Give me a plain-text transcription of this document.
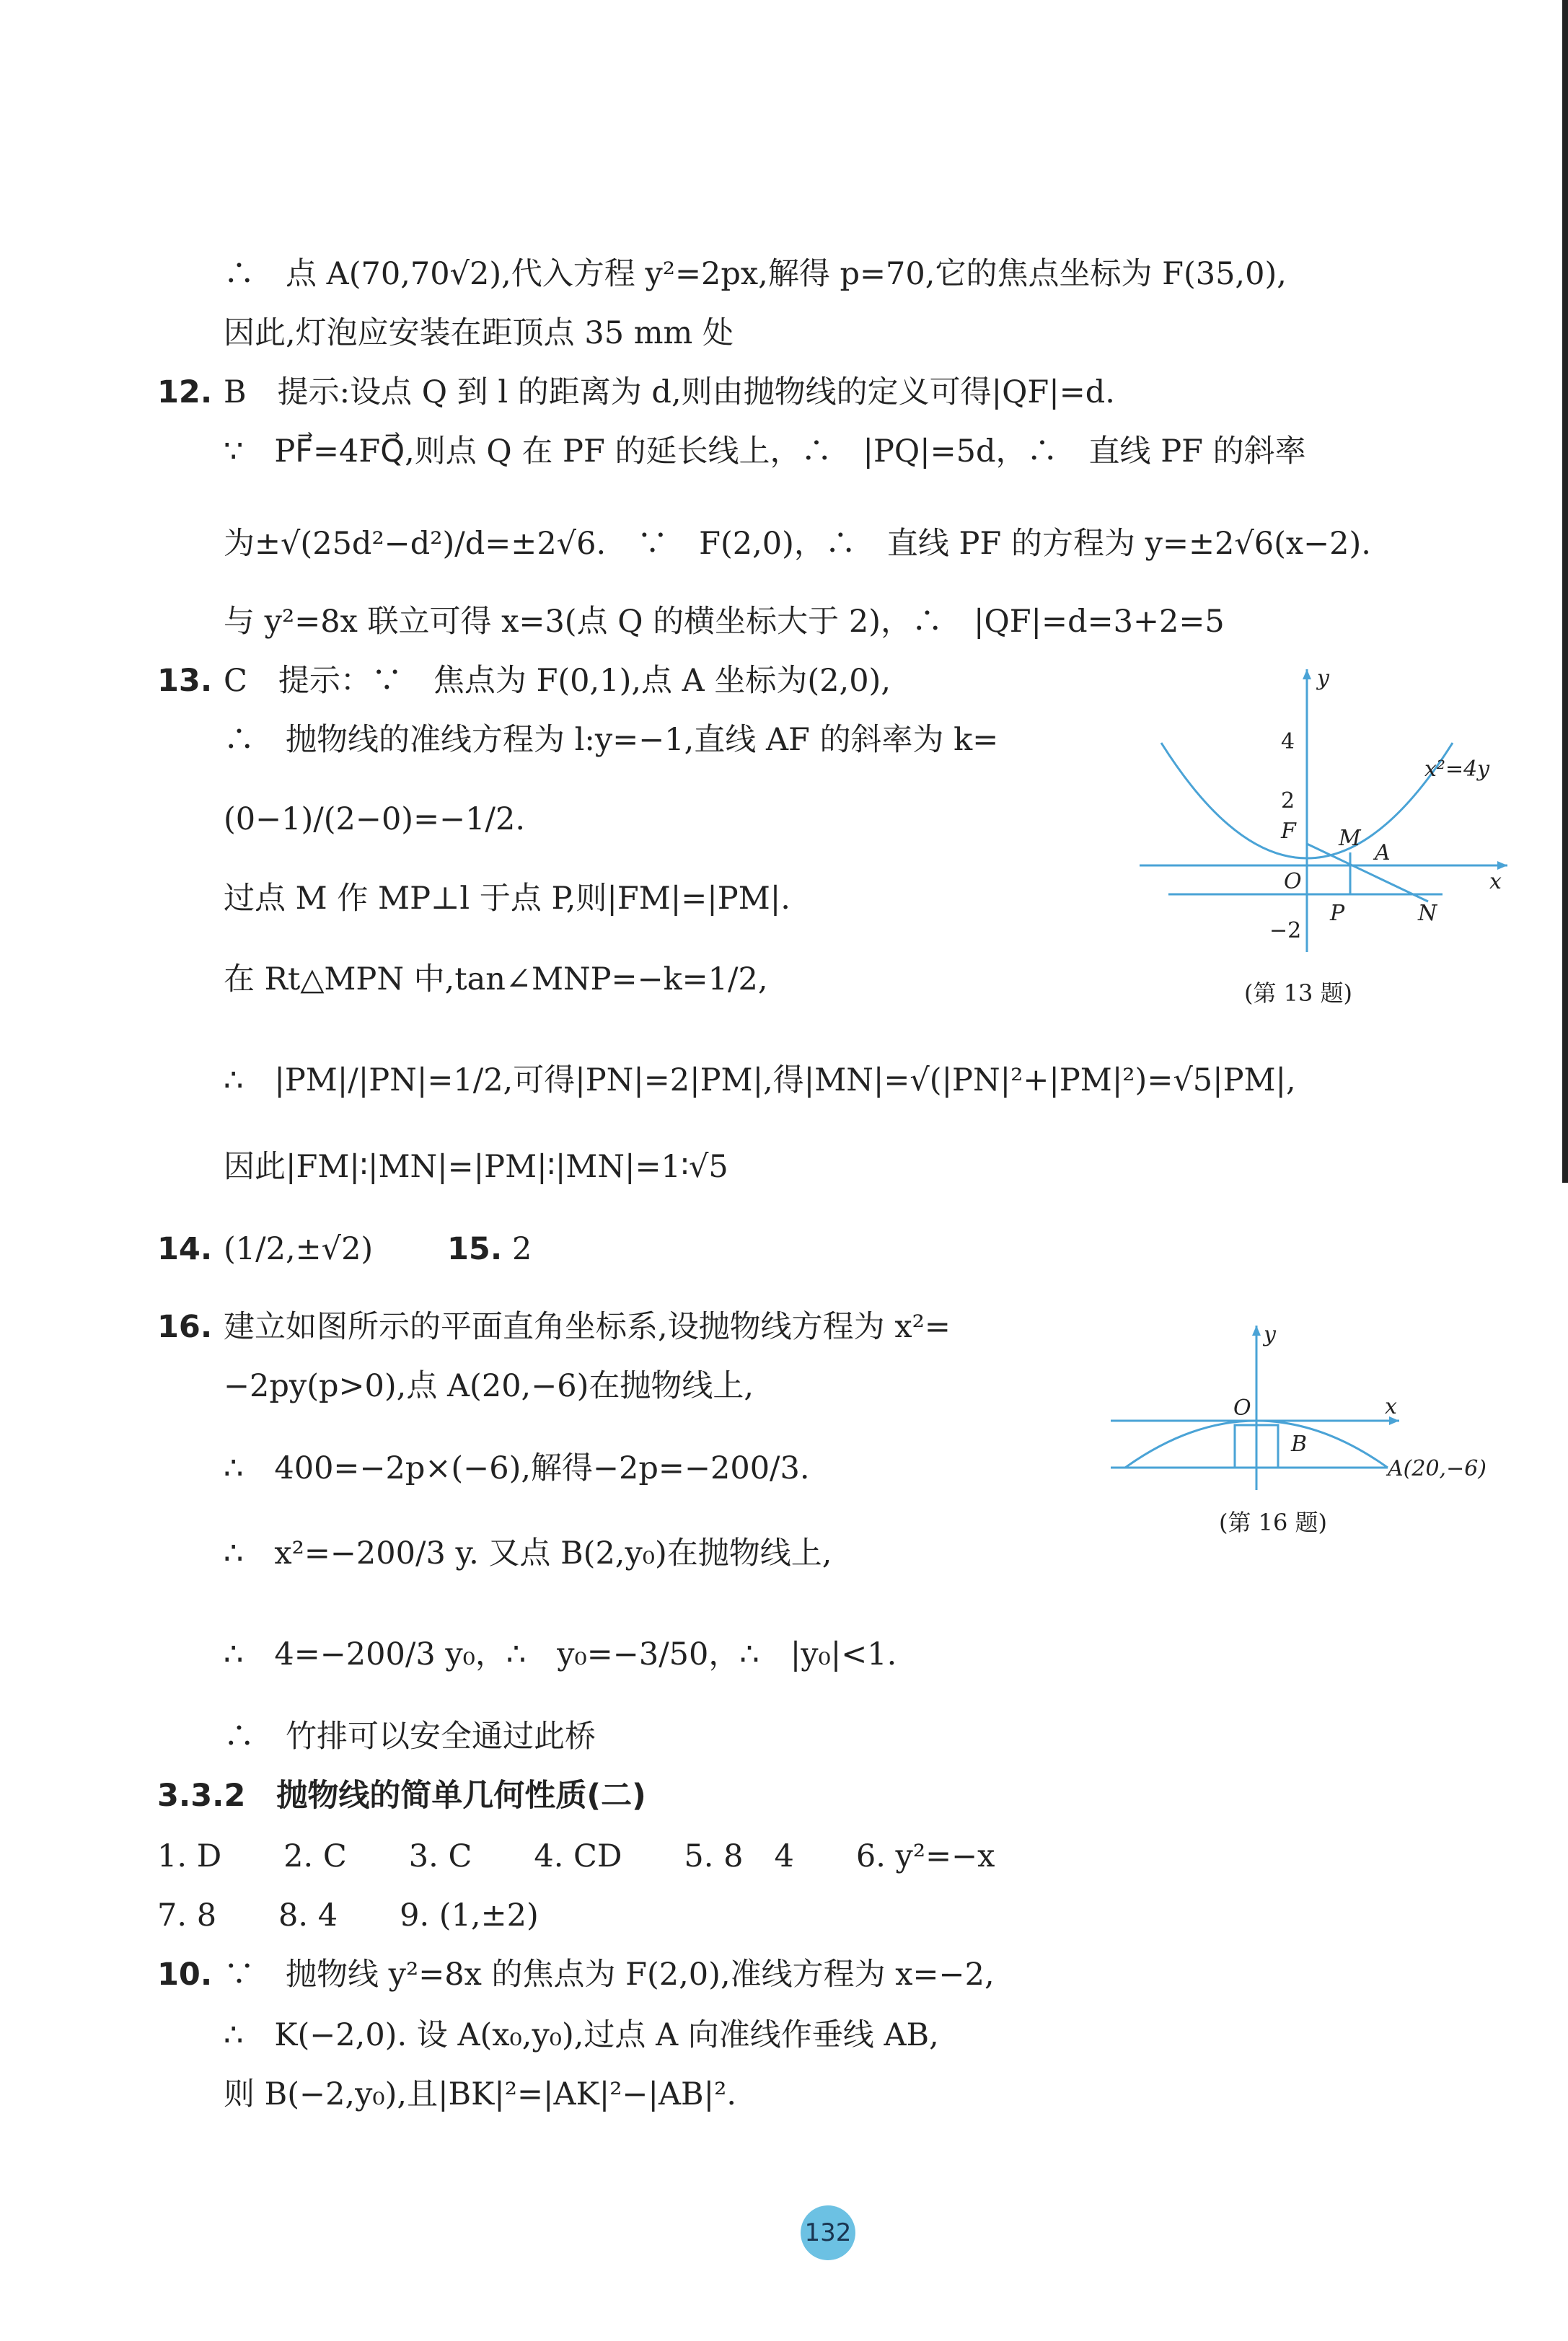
∴　点 A(70,70√2),代入方程 y²=2px,解得 p=70,它的焦点坐标为 F(35,0),
因此,灯泡应安装在距顶点 35 mm 处
12. B　提示:设点 Q 到 l 的距离为 d,则由抛物线的定义可得|QF|=d.
∵　PF⃗=4FQ⃗,则点 Q 在 PF 的延长线上，∴　|PQ|=5d，∴　直线 PF 的斜率
为±√(25d²−d²)/d=±2√6.　∵　F(2,0)，∴　直线 PF 的方程为 y=±2√6(x−2).
与 y²=8x 联立可得 x=3(点 Q 的横坐标大于 2)，∴　|QF|=d=3+2=5
13. C　提示：∵　焦点为 F(0,1),点 A 坐标为(2,0),
∴　抛物线的准线方程为 l:y=−1,直线 AF 的斜率为 k=
(0−1)/(2−0)=−1/2.
过点 M 作 MP⊥l 于点 P,则|FM|=|PM|.
在 Rt△MPN 中,tan∠MNP=−k=1/2,
∴　|PM|/|PN|=1/2,可得|PN|=2|PM|,得|MN|=√(|PN|²+|PM|²)=√5|PM|,
因此|FM|∶|MN|=|PM|∶|MN|=1∶√5
14. (1/2,±√2) 15. 2
16. 建立如图所示的平面直角坐标系,设抛物线方程为 x²=
−2py(p>0),点 A(20,−6)在抛物线上,
∴　400=−2p×(−6),解得−2p=−200/3.
∴　x²=−200/3 y. 又点 B(2,y₀)在抛物线上,
∴　4=−200/3 y₀，∴　y₀=−3/50，∴　|y₀|<1.
∴　竹排可以安全通过此桥
3.3.2　抛物线的简单几何性质(二)
1. D　　2. C　　3. C　　4. CD　　5. 8　4　　6. y²=−x
7. 8　　8. 4　　9. (1,±2)
10. ∵　抛物线 y²=8x 的焦点为 F(2,0),准线方程为 x=−2,
∴　K(−2,0). 设 A(x₀,y₀),过点 A 向准线作垂线 AB,
则 B(−2,y₀),且|BK|²=|AK|²−|AB|².
y
x
O
F M
A
P	N
4
2
−2
x²=4y
(第 13 题)
y
x
O
B
A(20,−6)
(第 16 题)
132
